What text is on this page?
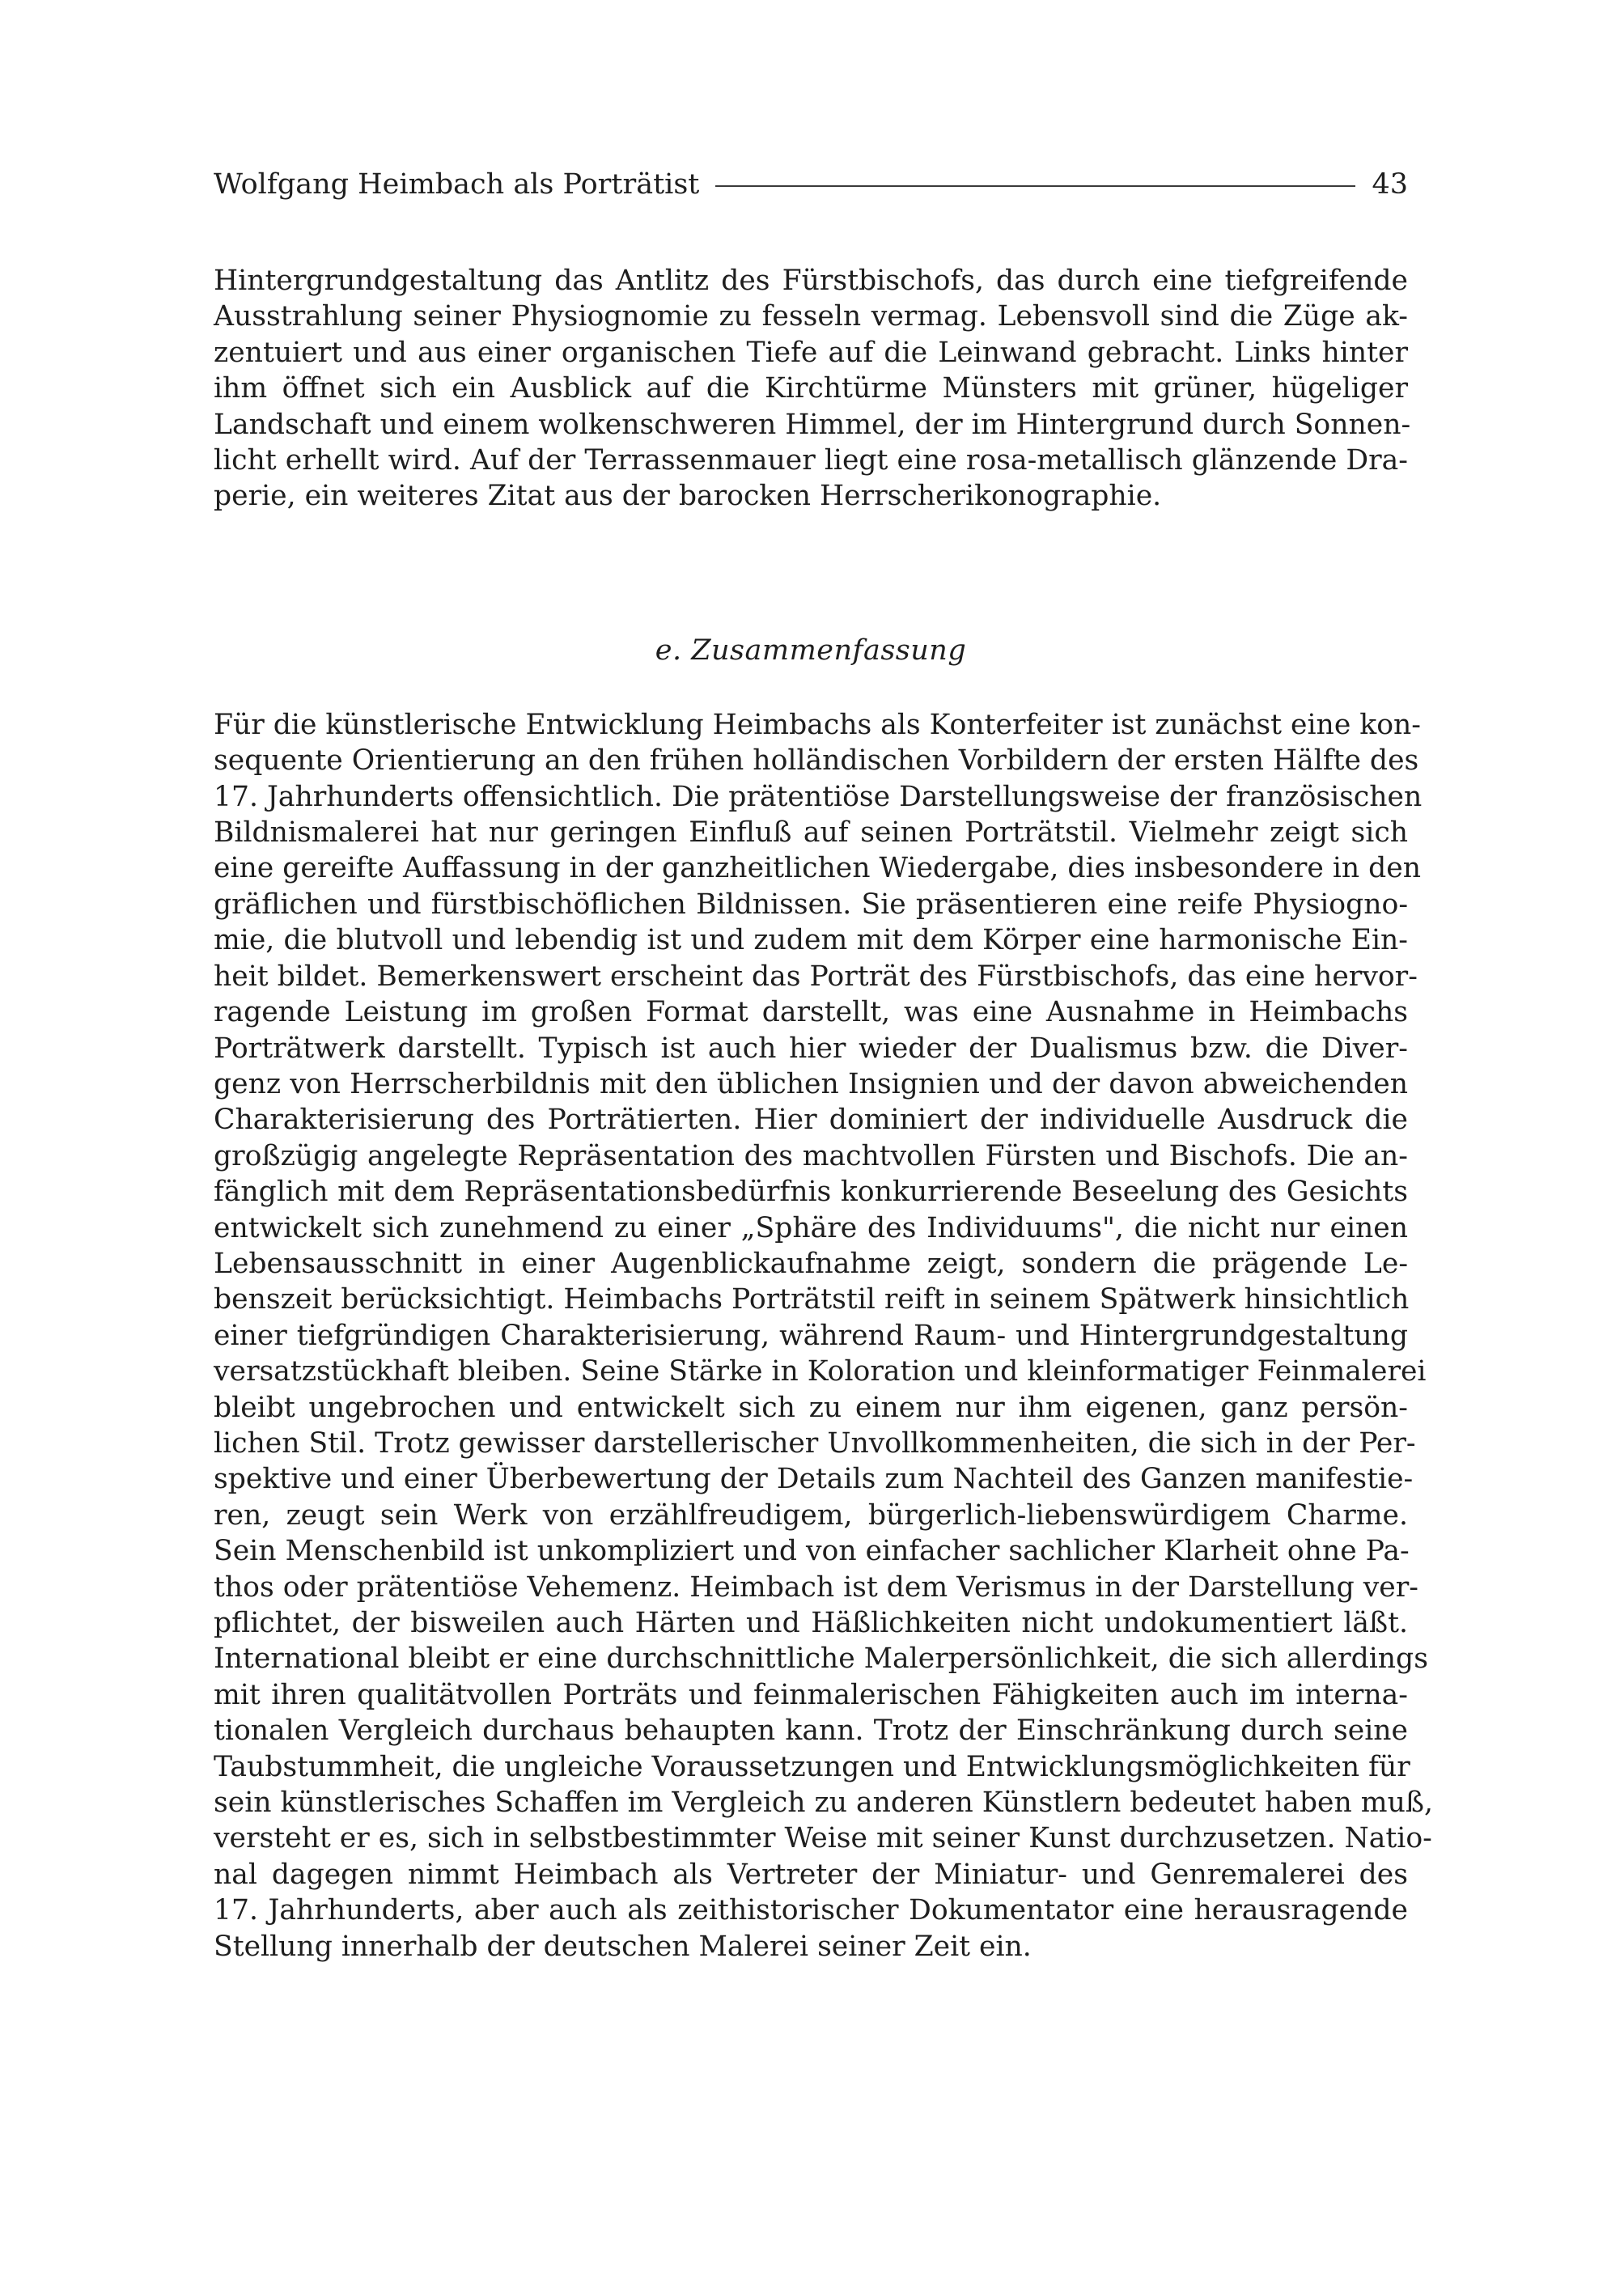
Wolfgang Heimbach als Porträtist	43

Hintergrundgestaltung das Antlitz des Fürstbischofs, das durch eine tiefgreifende
Ausstrahlung seiner Physiognomie zu fesseln vermag. Lebensvoll sind die Züge ak-
zentuiert und aus einer organischen Tiefe auf die Leinwand gebracht. Links hinter
ihm öffnet sich ein Ausblick auf die Kirchtürme Münsters mit grüner, hügeliger
Landschaft und einem wolkenschweren Himmel, der im Hintergrund durch Sonnen-
licht erhellt wird. Auf der Terrassenmauer liegt eine rosa-metallisch glänzende Dra-
perie, ein weiteres Zitat aus der barocken Herrscherikonographie.

e. Zusammenfassung

Für die künstlerische Entwicklung Heimbachs als Konterfeiter ist zunächst eine kon-
sequente Orientierung an den frühen holländischen Vorbildern der ersten Hälfte des
17. Jahrhunderts offensichtlich. Die prätentiöse Darstellungsweise der französischen
Bildnismalerei hat nur geringen Einfluß auf seinen Porträtstil. Vielmehr zeigt sich
eine gereifte Auffassung in der ganzheitlichen Wiedergabe, dies insbesondere in den
gräflichen und fürstbischöflichen Bildnissen. Sie präsentieren eine reife Physiogno-
mie, die blutvoll und lebendig ist und zudem mit dem Körper eine harmonische Ein-
heit bildet. Bemerkenswert erscheint das Porträt des Fürstbischofs, das eine hervor-
ragende Leistung im großen Format darstellt, was eine Ausnahme in Heimbachs
Porträtwerk darstellt. Typisch ist auch hier wieder der Dualismus bzw. die Diver-
genz von Herrscherbildnis mit den üblichen Insignien und der davon abweichenden
Charakterisierung des Porträtierten. Hier dominiert der individuelle Ausdruck die
großzügig angelegte Repräsentation des machtvollen Fürsten und Bischofs. Die an-
fänglich mit dem Repräsentationsbedürfnis konkurrierende Beseelung des Gesichts
entwickelt sich zunehmend zu einer „Sphäre des Individuums", die nicht nur einen
Lebensausschnitt in einer Augenblickaufnahme zeigt, sondern die prägende Le-
benszeit berücksichtigt. Heimbachs Porträtstil reift in seinem Spätwerk hinsichtlich
einer tiefgründigen Charakterisierung, während Raum- und Hintergrundgestaltung
versatzstückhaft bleiben. Seine Stärke in Koloration und kleinformatiger Feinmalerei
bleibt ungebrochen und entwickelt sich zu einem nur ihm eigenen, ganz persön-
lichen Stil. Trotz gewisser darstellerischer Unvollkommenheiten, die sich in der Per-
spektive und einer Überbewertung der Details zum Nachteil des Ganzen manifestie-
ren, zeugt sein Werk von erzählfreudigem, bürgerlich-liebenswürdigem Charme.
Sein Menschenbild ist unkompliziert und von einfacher sachlicher Klarheit ohne Pa-
thos oder prätentiöse Vehemenz. Heimbach ist dem Verismus in der Darstellung ver-
pflichtet, der bisweilen auch Härten und Häßlichkeiten nicht undokumentiert läßt.
International bleibt er eine durchschnittliche Malerpersönlichkeit, die sich allerdings
mit ihren qualitätvollen Porträts und feinmalerischen Fähigkeiten auch im interna-
tionalen Vergleich durchaus behaupten kann. Trotz der Einschränkung durch seine
Taubstummheit, die ungleiche Voraussetzungen und Entwicklungsmöglichkeiten für
sein künstlerisches Schaffen im Vergleich zu anderen Künstlern bedeutet haben muß,
versteht er es, sich in selbstbestimmter Weise mit seiner Kunst durchzusetzen. Natio-
nal dagegen nimmt Heimbach als Vertreter der Miniatur- und Genremalerei des
17. Jahrhunderts, aber auch als zeithistorischer Dokumentator eine herausragende
Stellung innerhalb der deutschen Malerei seiner Zeit ein.
